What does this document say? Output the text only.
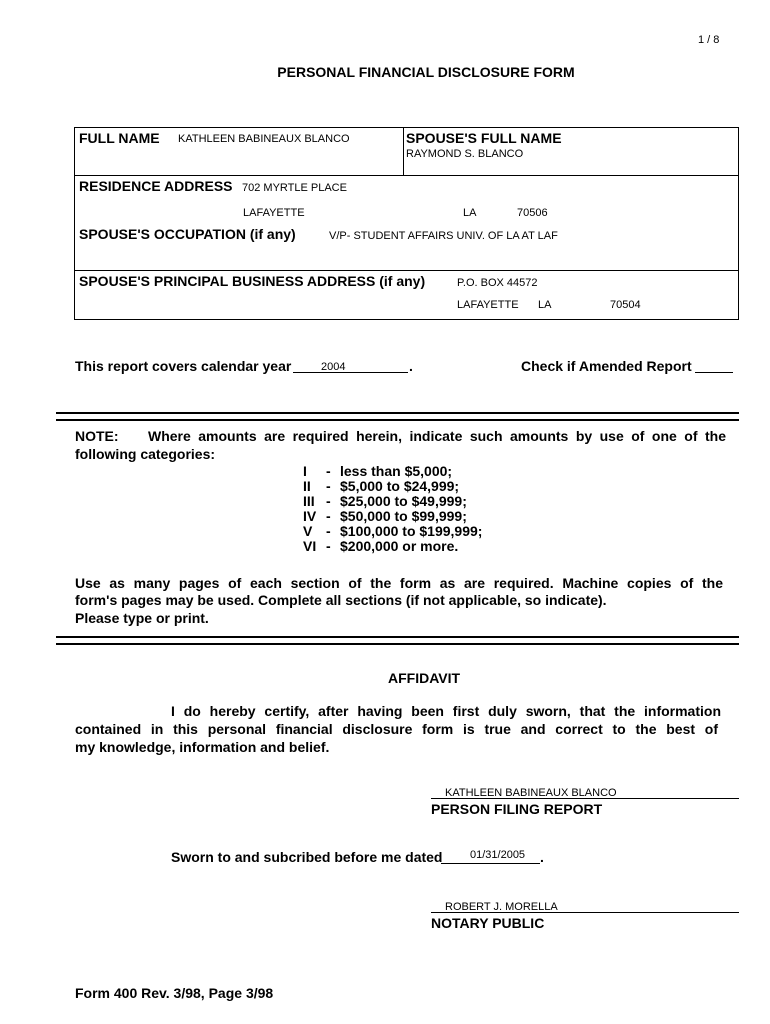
1 / 8
PERSONAL FINANCIAL DISCLOSURE FORM
FULL NAME KATHLEEN BABINEAUX BLANCO	SPOUSE'S FULL NAME
RAYMOND S. BLANCO
RESIDENCE ADDRESS 702 MYRTLE PLACE
LAFAYETTE	LA	70506
SPOUSE'S OCCUPATION (if any)	V/P- STUDENT AFFAIRS UNIV. OF LA AT LAF
SPOUSE'S PRINCIPAL BUSINESS ADDRESS (if any)	P.O. BOX 44572
LAFAYETTE LA	70504
This report covers calendar year	2004	.	Check if Amended Report
NOTE: Where amounts are required herein, indicate such amounts by use of one of the
following categories:
I - less than $5,000;
II - $5,000 to $24,999;
III - $25,000 to $49,999;
IV - $50,000 to $99,999;
V - $100,000 to $199,999;
VI - $200,000 or more.
Use as many pages of each section of the form as are required. Machine copies of the
form's pages may be used. Complete all sections (if not applicable, so indicate).
Please type or print.
AFFIDAVIT
I do hereby certify, after having been first duly sworn, that the information
contained in this personal financial disclosure form is true and correct to the best of
my knowledge, information and belief.
KATHLEEN BABINEAUX BLANCO
PERSON FILING REPORT
Sworn to and subcribed before me dated	01/31/2005 .
ROBERT J. MORELLA
NOTARY PUBLIC
Form 400 Rev. 3/98, Page 3/98
